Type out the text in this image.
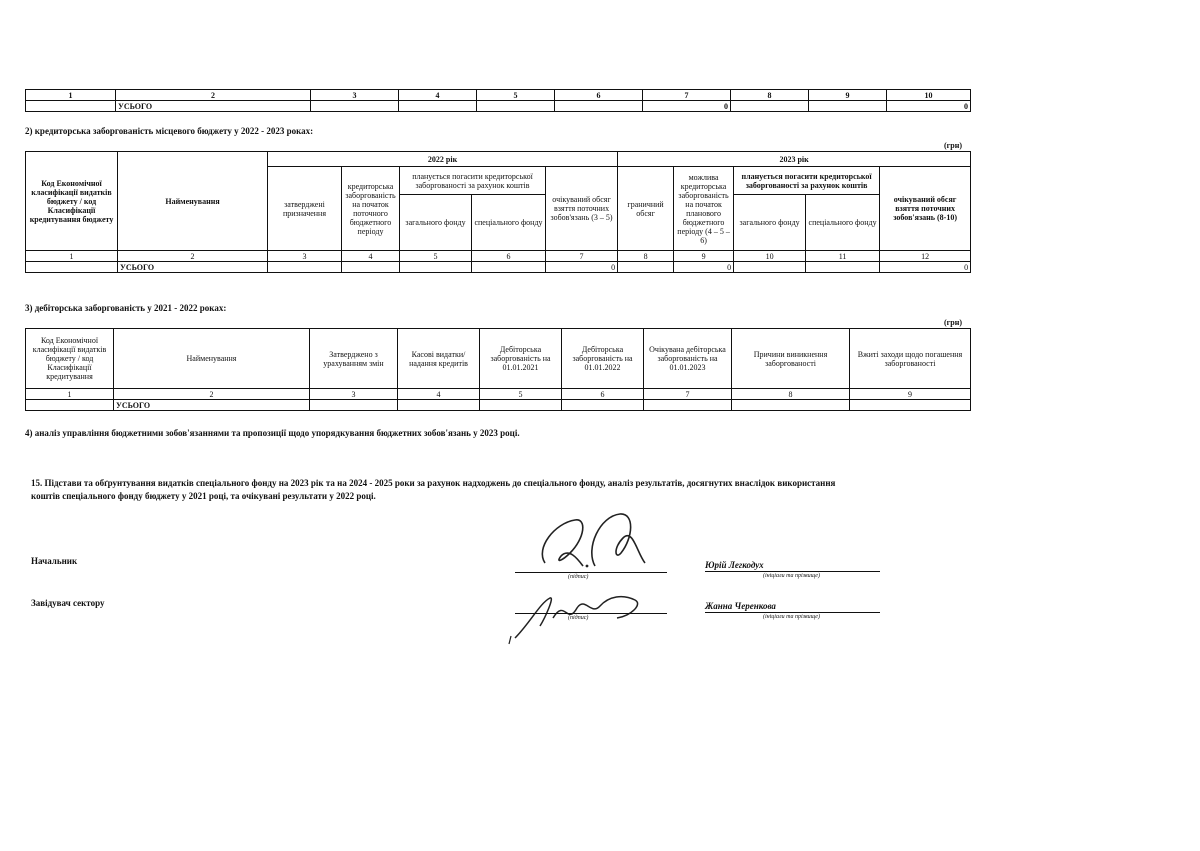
1	2	3	4	5	6	7	8	9	10
	УСЬОГО					0			0
2) кредиторська заборгованість місцевого бюджету у 2022 - 2023 роках:
(грн)
Код Економічної класифікації видатків бюджету / код Класифікації кредитування бюджету	Найменування	2022 рік					2023 рік				
		затверджені призначення	кредиторська заборгованість на початок поточного бюджетного періоду	планується погасити кредиторської заборгованості за рахунок коштів		очікуваний обсяг взяття поточних зобов'язань (3 – 5)	граничний обсяг	можлива кредиторська заборгованість на початок планового бюджетного періоду (4 – 5 – 6)	планується погасити кредиторської заборгованості за рахунок коштів		очікуваний обсяг взяття поточних зобов'язань (8-10)
				загального фонду	спеціального фонду				загального фонду	спеціального фонду	
1	2	3	4	5	6	7	8	9	10	11	12
	УСЬОГО					0		0			0
3) дебіторська заборгованість у 2021 - 2022 роках:
(грн)
Код Економічної класифікації видатків бюджету / код Класифікації кредитування	Найменування	Затверджено з урахуванням змін	Касові видатки/ надання кредитів	Дебіторська заборгованість на 01.01.2021	Дебіторська заборгованість на 01.01.2022	Очікувана дебіторська заборгованість на 01.01.2023	Причини виникнення заборгованості	Вжиті заходи щодо погашення заборгованості
1	2	3	4	5	6	7	8	9
	УСЬОГО							
4) аналіз управління бюджетними зобов'язаннями та пропозиції щодо упорядкування бюджетних зобов'язань у 2023 році.
15. Підстави та обґрунтування видатків спеціального фонду на 2023 рік та на 2024 - 2025 роки за рахунок надходжень до спеціального фонду, аналіз результатів, досягнутих внаслідок використання коштів спеціального фонду бюджету у 2021 році, та очікувані результати у 2022 році.
Начальник
Завідувач сектору
(підпис)
Юрій Легкодух
(ініціали та прізвище)
(підпис)
Жанна Черенкова
(ініціали та прізвище)
